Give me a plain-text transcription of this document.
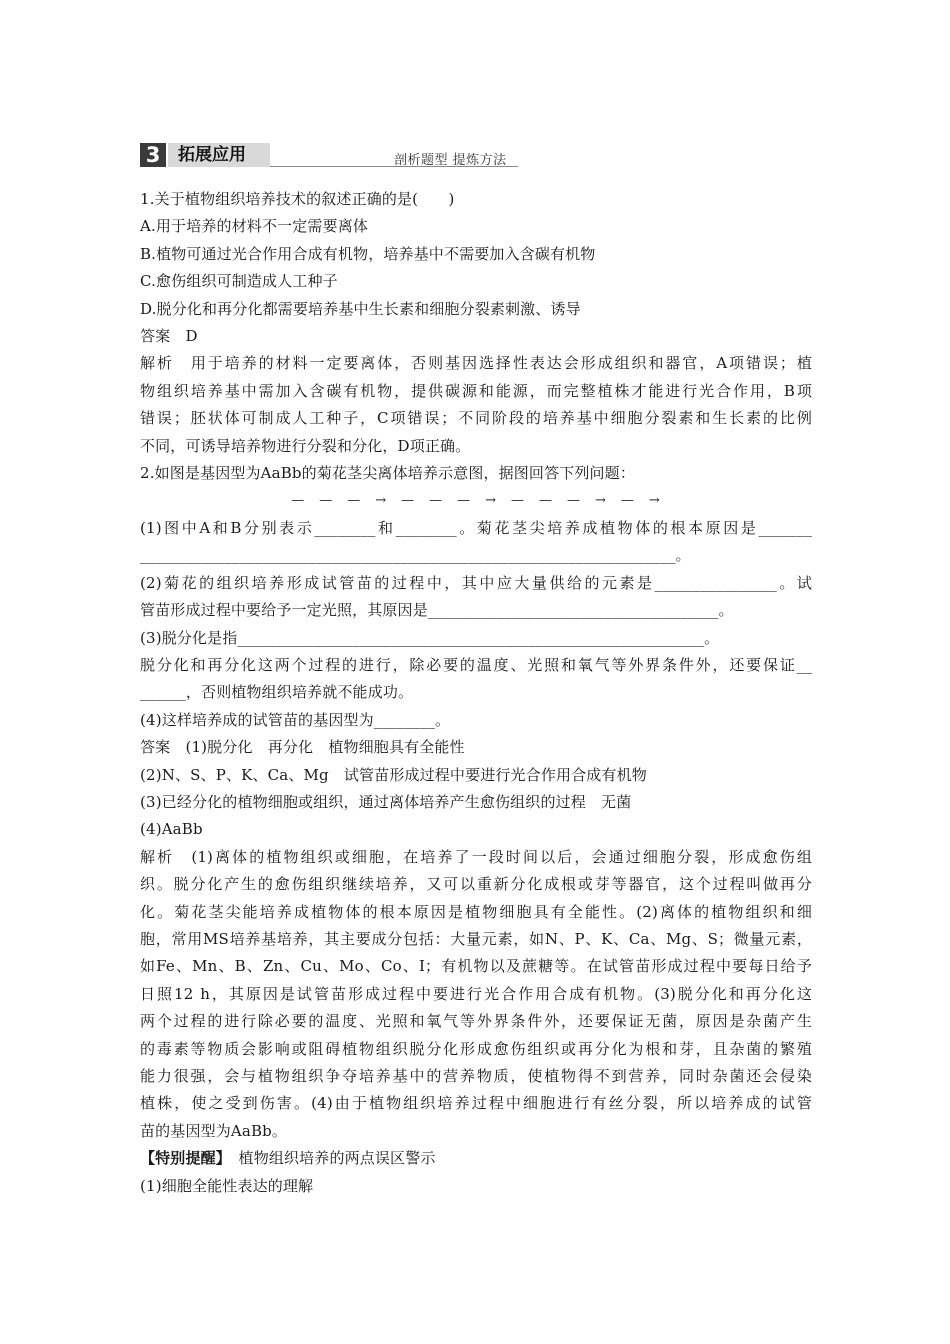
3	拓展应用	剖析题型 提炼方法
1.关于植物组织培养技术的叙述正确的是(　　)
A.用于培养的材料不一定需要离体
B.植物可通过光合作用合成有机物，培养基中不需要加入含碳有机物
C.愈伤组织可制造成人工种子
D.脱分化和再分化都需要培养基中生长素和细胞分裂素刺激、诱导
答案　D
解析　用于培养的材料一定要离体，否则基因选择性表达会形成组织和器官，A项错误；植
物组织培养基中需加入含碳有机物，提供碳源和能源，而完整植株才能进行光合作用，B项
错误；胚状体可制成人工种子，C项错误；不同阶段的培养基中细胞分裂素和生长素的比例
不同，可诱导培养物进行分裂和分化，D项正确。
2.如图是基因型为AaBb的菊花茎尖离体培养示意图，据图回答下列问题：
—　—　—　→　—　—　—　→　—　—　—　→　—　→
(1)图中A和B分别表示________和________。菊花茎尖培养成植物体的根本原因是_______
______________________________________________________________________。
(2)菊花的组织培养形成试管苗的过程中，其中应大量供给的元素是________________。试
管苗形成过程中要给予一定光照，其原因是______________________________________。
(3)脱分化是指_____________________________________________________________。
脱分化和再分化这两个过程的进行，除必要的温度、光照和氧气等外界条件外，还要保证__
______，否则植物组织培养就不能成功。
(4)这样培养成的试管苗的基因型为________。
答案　(1)脱分化　再分化　植物细胞具有全能性
(2)N、S、P、K、Ca、Mg　试管苗形成过程中要进行光合作用合成有机物
(3)已经分化的植物细胞或组织，通过离体培养产生愈伤组织的过程　无菌
(4)AaBb
解析　(1)离体的植物组织或细胞，在培养了一段时间以后，会通过细胞分裂，形成愈伤组
织。脱分化产生的愈伤组织继续培养，又可以重新分化成根或芽等器官，这个过程叫做再分
化。菊花茎尖能培养成植物体的根本原因是植物细胞具有全能性。(2)离体的植物组织和细
胞，常用MS培养基培养，其主要成分包括：大量元素，如N、P、K、Ca、Mg、S；微量元素，
如Fe、Mn、B、Zn、Cu、Mo、Co、I；有机物以及蔗糖等。在试管苗形成过程中要每日给予
日照12 h，其原因是试管苗形成过程中要进行光合作用合成有机物。(3)脱分化和再分化这
两个过程的进行除必要的温度、光照和氧气等外界条件外，还要保证无菌，原因是杂菌产生
的毒素等物质会影响或阻碍植物组织脱分化形成愈伤组织或再分化为根和芽，且杂菌的繁殖
能力很强，会与植物组织争夺培养基中的营养物质，使植物得不到营养，同时杂菌还会侵染
植株，使之受到伤害。(4)由于植物组织培养过程中细胞进行有丝分裂，所以培养成的试管
苗的基因型为AaBb。
【特别提醒】　植物组织培养的两点误区警示
(1)细胞全能性表达的理解
